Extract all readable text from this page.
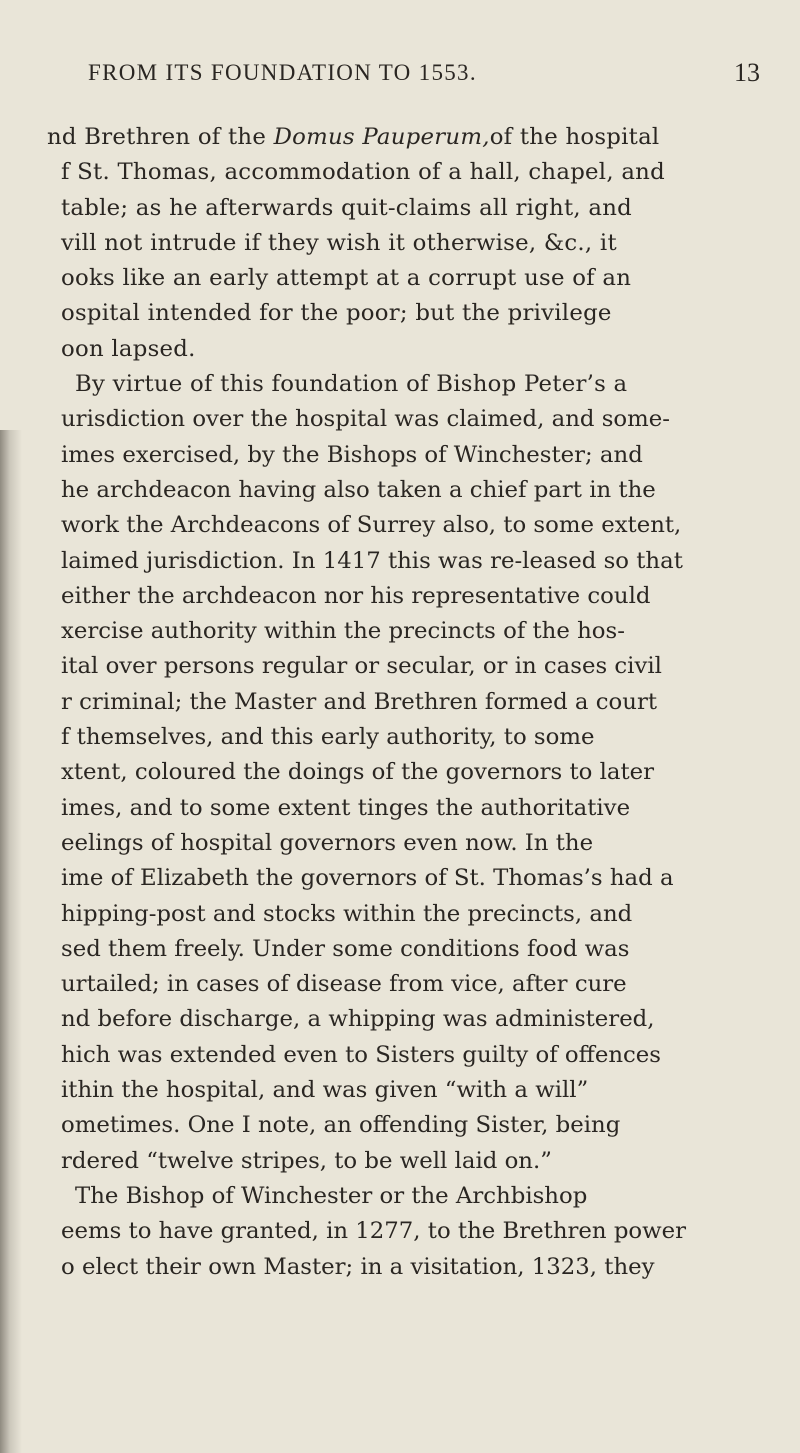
FROM ITS FOUNDATION TO 1553.	13
nd Brethren of the Domus Pauperum,of the hospital
f St. Thomas, accommodation of a hall, chapel, and
table; as he afterwards quit-claims all right, and
vill not intrude if they wish it otherwise, &c., it
ooks like an early attempt at a corrupt use of an
ospital intended for the poor; but the privilege
oon lapsed.
By virtue of this foundation of Bishop Peter’s a
urisdiction over the hospital was claimed, and some-
imes exercised, by the Bishops of Winchester; and
he archdeacon having also taken a chief part in the
work the Archdeacons of Surrey also, to some extent,
laimed jurisdiction. In 1417 this was re-leased so that
either the archdeacon nor his representative could
xercise authority within the precincts of the hos-
ital over persons regular or secular, or in cases civil
r criminal; the Master and Brethren formed a court
f themselves, and this early authority, to some
xtent, coloured the doings of the governors to later
imes, and to some extent tinges the authoritative
eelings of hospital governors even now. In the
ime of Elizabeth the governors of St. Thomas’s had a
hipping-post and stocks within the precincts, and
sed them freely. Under some conditions food was
urtailed; in cases of disease from vice, after cure
nd before discharge, a whipping was administered,
hich was extended even to Sisters guilty of offences
ithin the hospital, and was given “with a will”
ometimes. One I note, an offending Sister, being
rdered “twelve stripes, to be well laid on.”
The Bishop of Winchester or the Archbishop
eems to have granted, in 1277, to the Brethren power
o elect their own Master; in a visitation, 1323, they
